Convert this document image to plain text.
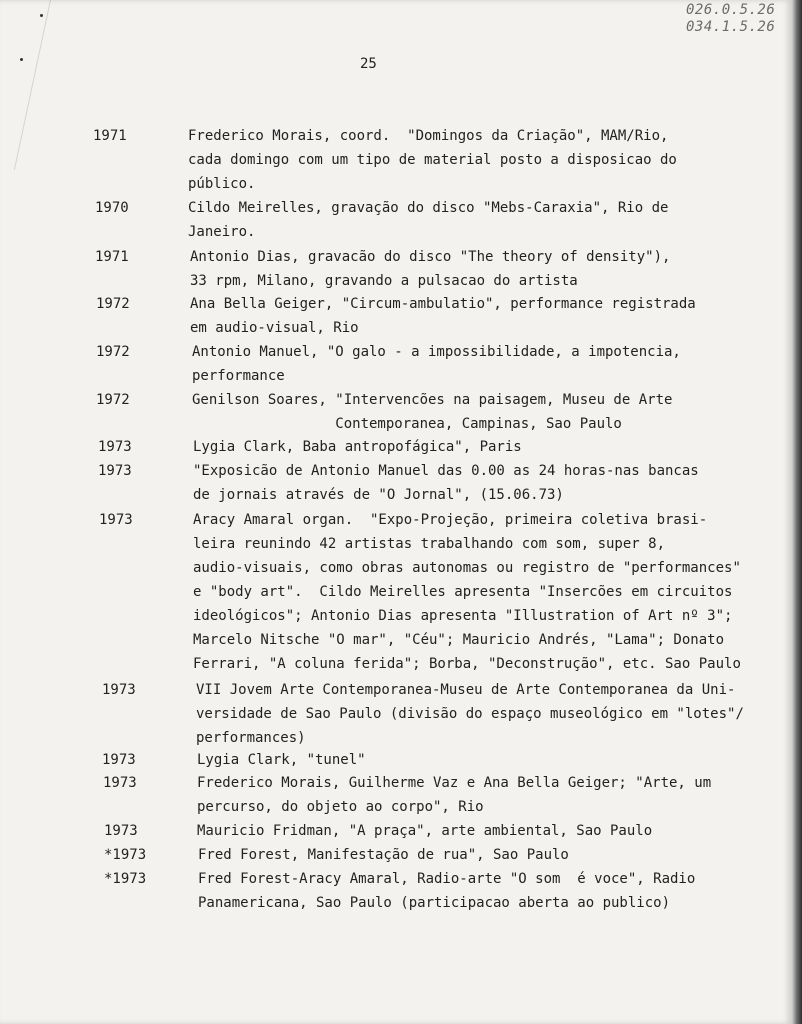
026.0.5.26
034.1.5.26
25
1971	Frederico Morais, coord.  "Domingos da Criação", MAM/Rio,
cada domingo com um tipo de material posto a disposicao do
público.
1970	Cildo Meirelles, gravação do disco "Mebs-Caraxia", Rio de
Janeiro.
1971	Antonio Dias, gravacão do disco "The theory of density"),
33 rpm, Milano, gravando a pulsacao do artista
1972	Ana Bella Geiger, "Circum-ambulatio", performance registrada
em audio-visual, Rio
1972	Antonio Manuel, "O galo - a impossibilidade, a impotencia,
performance
1972	Genilson Soares, "Intervencões na paisagem, Museu de Arte
Contemporanea, Campinas, Sao Paulo
1973	Lygia Clark, Baba antropofágica", Paris
1973	"Exposicão de Antonio Manuel das 0.00 as 24 horas-nas bancas
de jornais através de "O Jornal", (15.06.73)
1973	Aracy Amaral organ.  "Expo-Projeção, primeira coletiva brasi-
leira reunindo 42 artistas trabalhando com som, super 8,
audio-visuais, como obras autonomas ou registro de "performances"
e "body art".  Cildo Meirelles apresenta "Insercões em circuitos
ideológicos"; Antonio Dias apresenta "Illustration of Art nº 3";
Marcelo Nitsche "O mar", "Céu"; Mauricio Andrés, "Lama"; Donato
Ferrari, "A coluna ferida"; Borba, "Deconstrução", etc. Sao Paulo
1973	VII Jovem Arte Contemporanea-Museu de Arte Contemporanea da Uni-
versidade de Sao Paulo (divisão do espaço museológico em "lotes"/
performances)
1973	Lygia Clark, "tunel"
1973	Frederico Morais, Guilherme Vaz e Ana Bella Geiger; "Arte, um
percurso, do objeto ao corpo", Rio
1973	Mauricio Fridman, "A praça", arte ambiental, Sao Paulo
*1973	Fred Forest, Manifestação de rua", Sao Paulo
*1973	Fred Forest-Aracy Amaral, Radio-arte "O som  é voce", Radio
Panamericana, Sao Paulo (participacao aberta ao publico)
